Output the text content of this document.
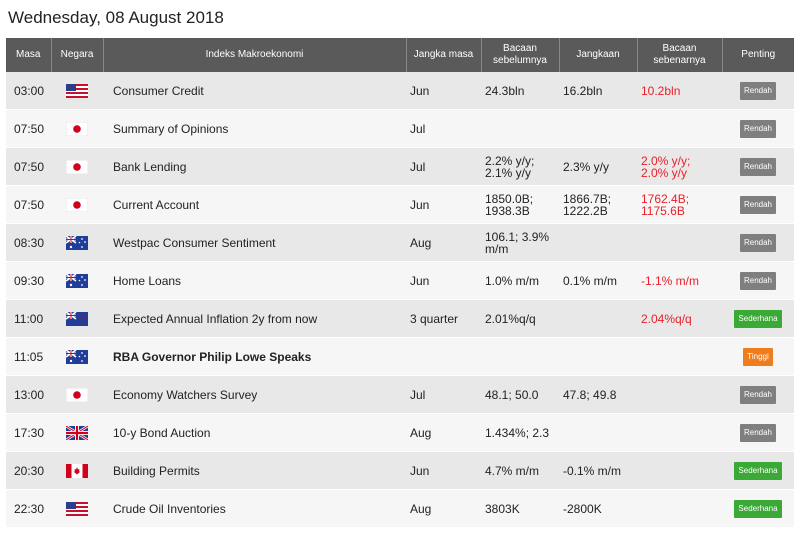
Wednesday, 08 August 2018
Masa	Negara	Indeks Makroekonomi	Jangka masa	Bacaan sebelumnya	Jangkaan	Bacaan sebenarnya	Penting
03:00		Consumer Credit	Jun	24.3bln	16.2bln	10.2bln	Rendah
07:50		Summary of Opinions	Jul				Rendah
07:50		Bank Lending	Jul	2.2% y/y; 2.1% y/y	2.3% y/y	2.0% y/y; 2.0% y/y	Rendah
07:50		Current Account	Jun	1850.0B; 1938.3B	1866.7B; 1222.2B	1762.4B; 1175.6B	Rendah
08:30		Westpac Consumer Sentiment	Aug	106.1; 3.9% m/m			Rendah
09:30		Home Loans	Jun	1.0% m/m	0.1% m/m	-1.1% m/m	Rendah
11:00		Expected Annual Inflation 2y from now	3 quarter	2.01%q/q		2.04%q/q	Sederhana
11:05		RBA Governor Philip Lowe Speaks					Tinggi
13:00		Economy Watchers Survey	Jul	48.1; 50.0	47.8; 49.8		Rendah
17:30		10-y Bond Auction	Aug	1.434%; 2.3			Rendah
20:30		Building Permits	Jun	4.7% m/m	-0.1% m/m		Sederhana
22:30		Crude Oil Inventories	Aug	3803K	-2800K		Sederhana
